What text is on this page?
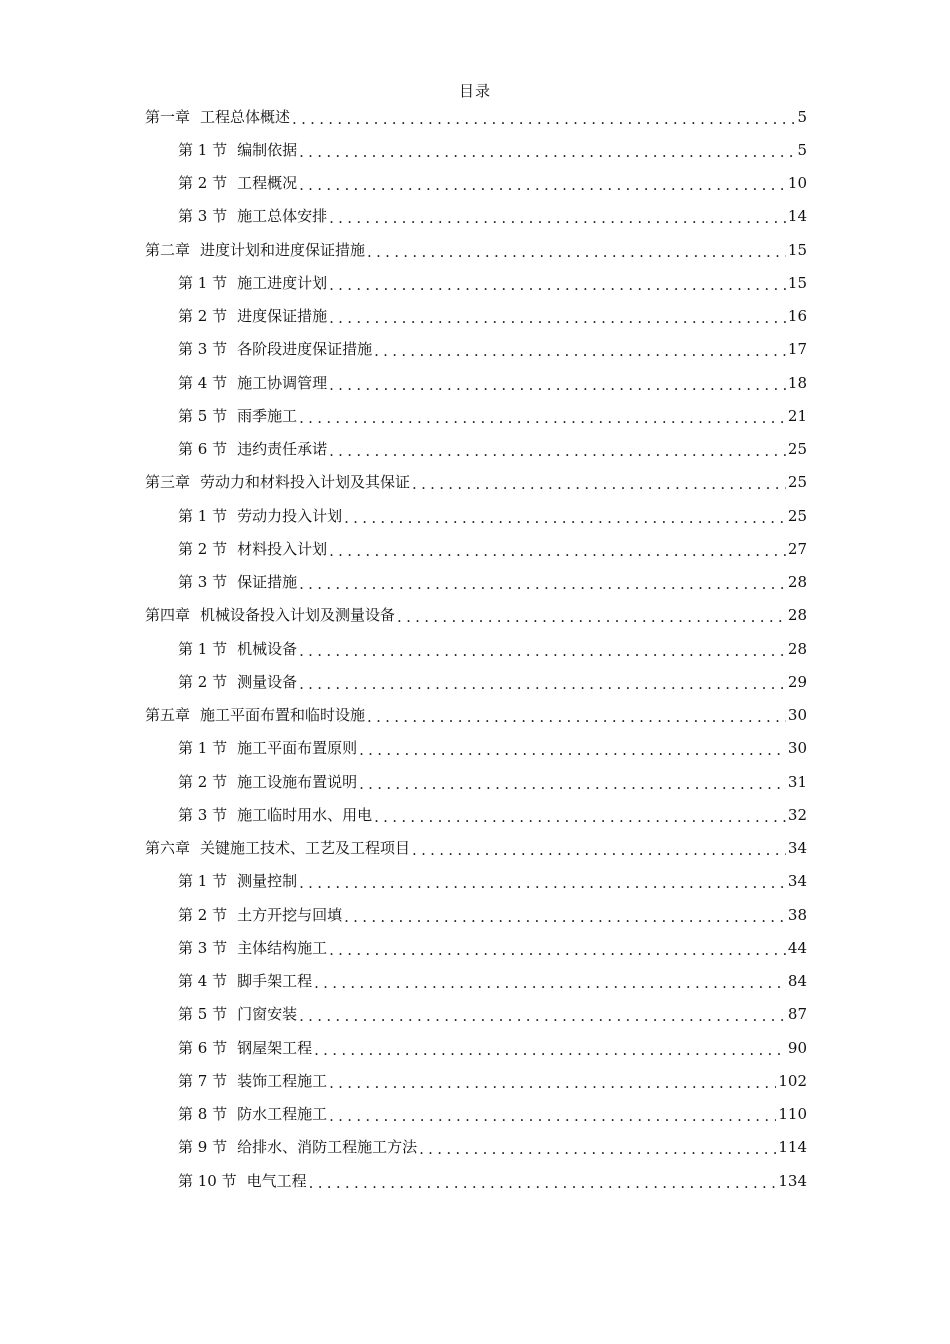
目录
第一章 工程总体概述 .....	5
第 1 节 编制依据 .....	5
第 2 节 工程概况 .....	10
第 3 节 施工总体安排 .....	14
第二章 进度计划和进度保证措施 .....	15
第 1 节 施工进度计划 .....	15
第 2 节 进度保证措施 .....	16
第 3 节 各阶段进度保证措施 .....	17
第 4 节 施工协调管理 .....	18
第 5 节 雨季施工 .....	21
第 6 节 违约责任承诺 .....	25
第三章 劳动力和材料投入计划及其保证 .....	25
第 1 节 劳动力投入计划 .....	25
第 2 节 材料投入计划 .....	27
第 3 节 保证措施 .....	28
第四章 机械设备投入计划及测量设备 .....	28
第 1 节 机械设备 .....	28
第 2 节 测量设备 .....	29
第五章 施工平面布置和临时设施 .....	30
第 1 节 施工平面布置原则 .....	30
第 2 节 施工设施布置说明 .....	31
第 3 节 施工临时用水、用电 .....	32
第六章 关键施工技术、工艺及工程项目 .....	34
第 1 节 测量控制 .....	34
第 2 节 土方开挖与回填 .....	38
第 3 节 主体结构施工 .....	44
第 4 节 脚手架工程 .....	84
第 5 节 门窗安装 .....	87
第 6 节 钢屋架工程 .....	90
第 7 节 装饰工程施工 .....	102
第 8 节 防水工程施工 .....	110
第 9 节 给排水、消防工程施工方法 .....	114
第 10 节 电气工程 .....	134
